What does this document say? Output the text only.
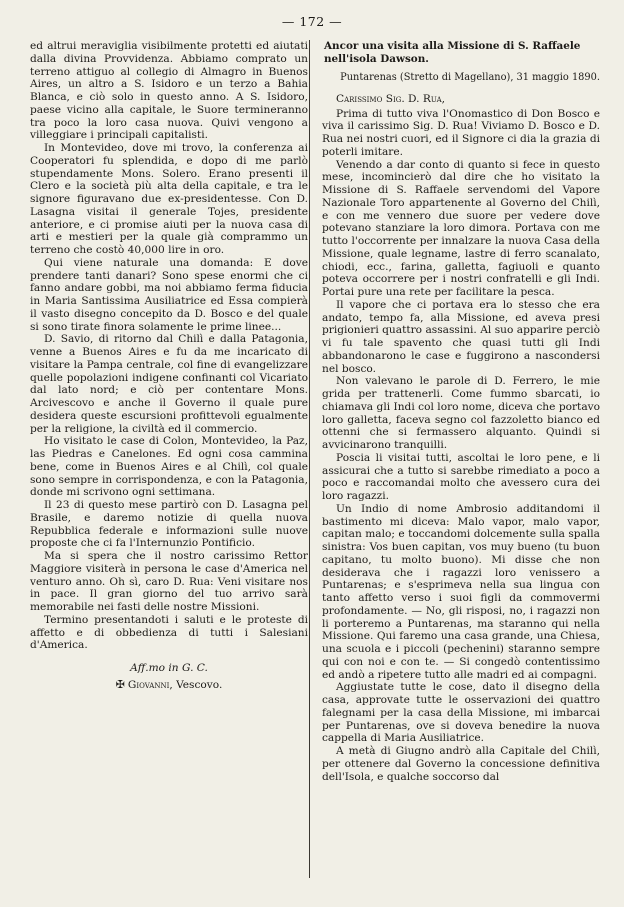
— 172 —

ed altrui meraviglia visibilmente protetti ed aiutati dalla divina Provvidenza. Abbiamo comprato un terreno attiguo al collegio di Almagro in Buenos Aires, un altro a S. Isidoro e un terzo a Bahia Blanca, e ciò solo in questo anno. A S. Isidoro, paese vicino alla capitale, le Suore termineranno tra poco la loro casa nuova. Quivi vengono a villeggiare i principali capitalisti.

In Montevideo, dove mi trovo, la conferenza ai Cooperatori fu splendida, e dopo di me parlò stupendamente Mons. Solero. Erano presenti il Clero e la società più alta della capitale, e tra le signore figuravano due ex-presidentesse. Con D. Lasagna visitai il generale Tojes, presidente anteriore, e ci promise aiuti per la nuova casa di arti e mestieri per la quale già comprammo un terreno che costò 40,000 lire in oro.

Qui viene naturale una domanda: E dove prendere tanti danari? Sono spese enormi che ci fanno andare gobbi, ma noi abbiamo ferma fiducia in Maria Santissima Ausiliatrice ed Essa compierà il vasto disegno concepito da D. Bosco e del quale si sono tirate finora solamente le prime linee...

D. Savio, di ritorno dal Chilì e dalla Patagonia, venne a Buenos Aires e fu da me incaricato di visitare la Pampa centrale, col fine di evangelizzare quelle popolazioni indigene confinanti col Vicariato dal lato nord; e ciò per contentare Mons. Arcivescovo e anche il Governo il quale pure desidera queste escursioni profittevoli egualmente per la religione, la civiltà ed il commercio.

Ho visitato le case di Colon, Montevideo, la Paz, las Piedras e Canelones. Ed ogni cosa cammina bene, come in Buenos Aires e al Chilì, col quale sono sempre in corrispondenza, e con la Patagonia, donde mi scrivono ogni settimana.

Il 23 di questo mese partirò con D. Lasagna pel Brasile, e daremo notizie di quella nuova Repubblica federale e informazioni sulle nuove proposte che ci fa l'Internunzio Pontificio.

Ma si spera che il nostro carissimo Rettor Maggiore visiterà in persona le case d'America nel venturo anno. Oh sì, caro D. Rua: Veni visitare nos in pace. Il gran giorno del tuo arrivo sarà memorabile nei fasti delle nostre Missioni.

Termino presentandoti i saluti e le proteste di affetto e di obbedienza di tutti i Salesiani d'America.

Aff.mo in G. C.
✠ Giovanni, Vescovo.
Ancor una visita alla Missione di S. Raffaele nell'isola Dawson.
Puntarenas (Stretto di Magellano), 31 maggio 1890.
Carissimo Sig. D. Rua,

Prima di tutto viva l'Onomastico di Don Bosco e viva il carissimo Sig. D. Rua! Viviamo D. Bosco e D. Rua nei nostri cuori, ed il Signore ci dia la grazia di poterli imitare.

Venendo a dar conto di quanto si fece in questo mese, incomincierò dal dire che ho visitato la Missione di S. Raffaele servendomi del Vapore Nazionale Toro appartenente al Governo del Chilì, e con me vennero due suore per vedere dove potevano stanziare la loro dimora. Portava con me tutto l'occorrente per innalzare la nuova Casa della Missione, quale legname, lastre di ferro scanalato, chiodi, ecc., farina, galletta, fagiuoli e quanto poteva occorrere per i nostri confratelli e gli Indi. Portai pure una rete per facilitare la pesca.

Il vapore che ci portava era lo stesso che era andato, tempo fa, alla Missione, ed aveva presi prigionieri quattro assassini. Al suo apparire perciò vi fu tale spavento che quasi tutti gli Indi abbandonarono le case e fuggirono a nascondersi nel bosco.

Non valevano le parole di D. Ferrero, le mie grida per trattenerli. Come fummo sbarcati, io chiamava gli Indi col loro nome, diceva che portavo loro galletta, faceva segno col fazzoletto bianco ed ottenni che si fermassero alquanto. Quindi si avvicinarono tranquilli.

Poscia li visitai tutti, ascoltai le loro pene, e li assicurai che a tutto si sarebbe rimediato a poco a poco e raccomandai molto che avessero cura dei loro ragazzi.

Un Indio di nome Ambrosio additandomi il bastimento mi diceva: Malo vapor, malo vapor, capitan malo; e toccandomi dolcemente sulla spalla sinistra: Vos buen capitan, vos muy bueno (tu buon capitano, tu molto buono). Mi disse che non desiderava che i ragazzi loro venissero a Puntarenas; e s'esprimeva nella sua lingua con tanto affetto verso i suoi figli da commovermi profondamente. — No, gli risposi, no, i ragazzi non li porteremo a Puntarenas, ma staranno qui nella Missione. Qui faremo una casa grande, una Chiesa, una scuola e i piccoli (pechenini) staranno sempre qui con noi e con te. — Si congedò contentissimo ed andò a ripetere tutto alle madri ed ai compagni.

Aggiustate tutte le cose, dato il disegno della casa, approvate tutte le osservazioni dei quattro falegnami per la casa della Missione, mi imbarcai per Puntarenas, ove si doveva benedire la nuova cappella di Maria Ausiliatrice.

A metà di Giugno andrò alla Capitale del Chilì, per ottenere dal Governo la concessione definitiva dell'Isola, e qualche soccorso dal
